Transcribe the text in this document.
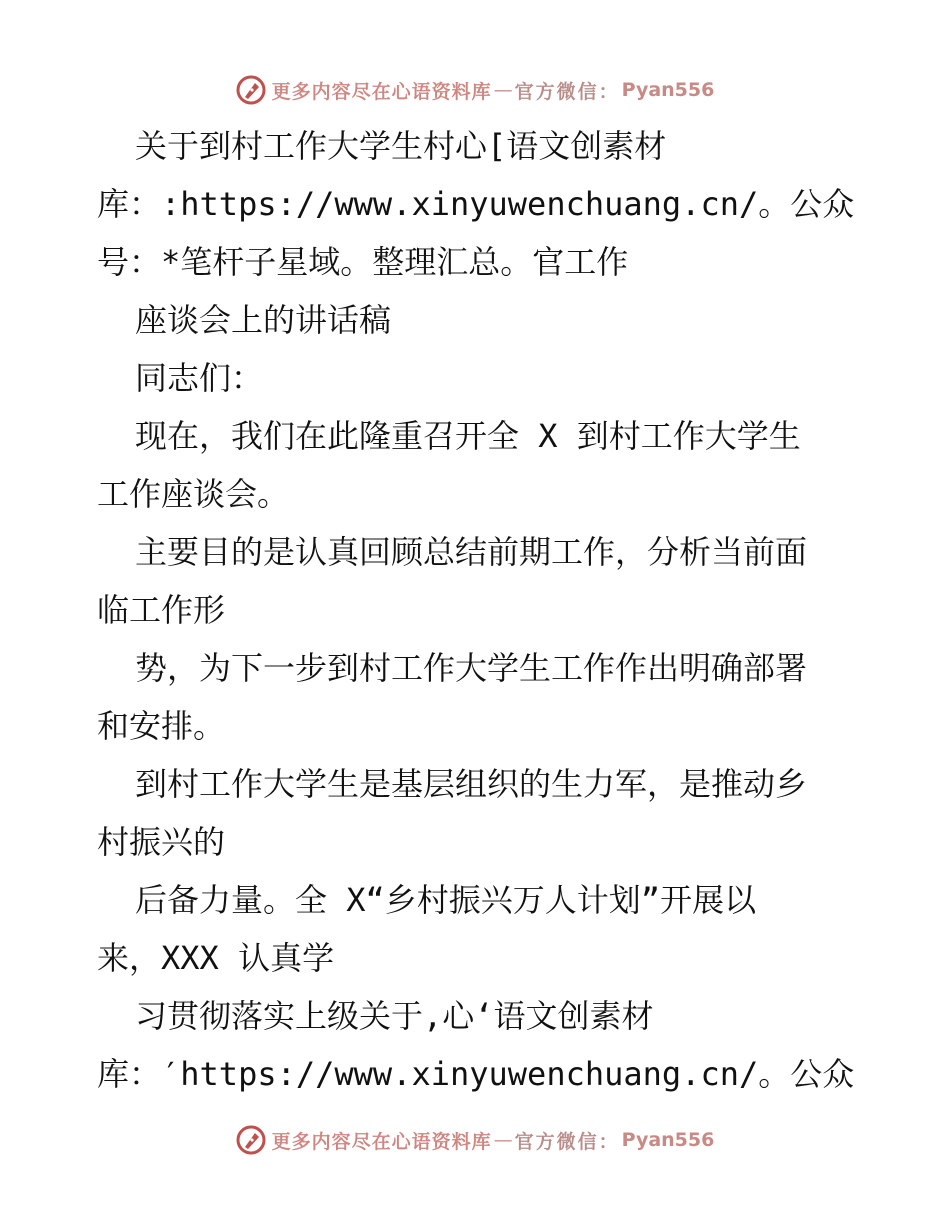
更多内容尽在心语资料库 — 官方微信： Pyan556
关于到村工作大学生村心[语文创素材
库：:https://www.xinyuwenchuang.cn/。公众
号：*笔杆子星域。整理汇总。官工作
座谈会上的讲话稿
同志们：
现在，我们在此隆重召开全 X 到村工作大学生
工作座谈会。
主要目的是认真回顾总结前期工作，分析当前面
临工作形
势，为下一步到村工作大学生工作作出明确部署
和安排。
到村工作大学生是基层组织的生力军，是推动乡
村振兴的
后备力量。全 X“乡村振兴万人计划”开展以
来，XXX 认真学
习贯彻落实上级关于,心‘语文创素材
库：′https://www.xinyuwenchuang.cn/。公众
更多内容尽在心语资料库 — 官方微信： Pyan556
